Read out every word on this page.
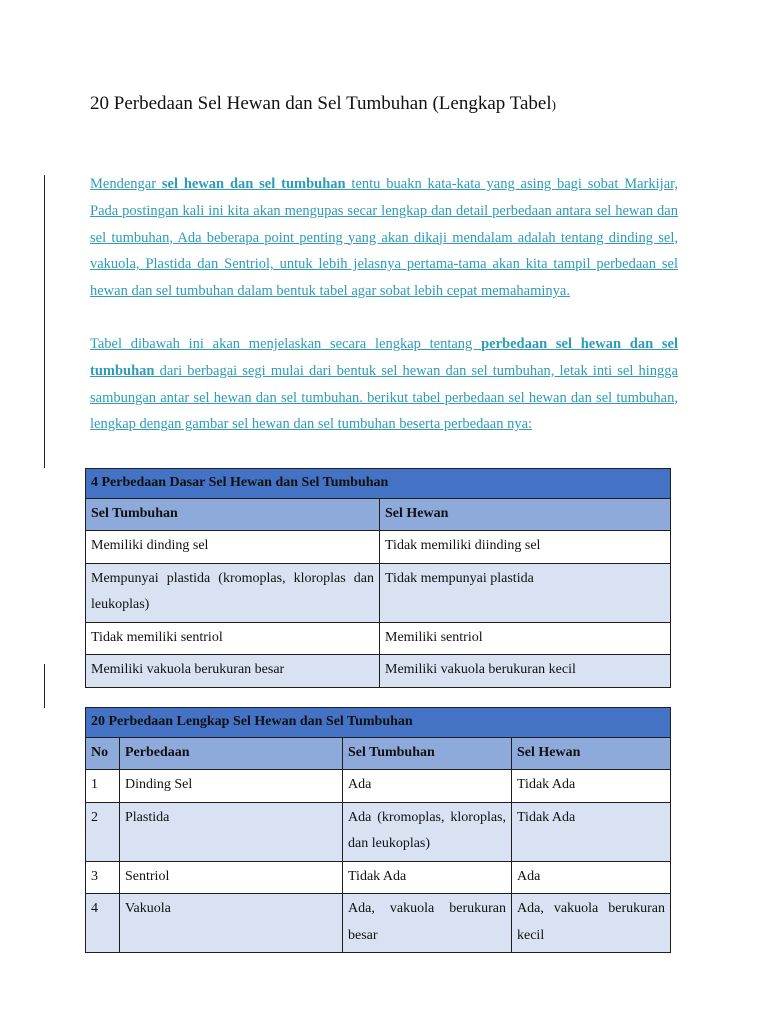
20 Perbedaan Sel Hewan dan Sel Tumbuhan (Lengkap Tabel)

Mendengar sel hewan dan sel tumbuhan tentu buakn kata-kata yang asing bagi sobat Markijar, Pada postingan kali ini kita akan mengupas secar lengkap dan detail perbedaan antara sel hewan dan sel tumbuhan, Ada beberapa point penting yang akan dikaji mendalam adalah tentang dinding sel, vakuola, Plastida dan Sentriol, untuk lebih jelasnya pertama-tama akan kita tampil perbedaan sel hewan dan sel tumbuhan dalam bentuk tabel agar sobat lebih cepat memahaminya.

Tabel dibawah ini akan menjelaskan secara lengkap tentang perbedaan sel hewan dan sel tumbuhan dari berbagai segi mulai dari bentuk sel hewan dan sel tumbuhan, letak inti sel hingga sambungan antar sel hewan dan sel tumbuhan. berikut tabel perbedaan sel hewan dan sel tumbuhan, lengkap dengan gambar sel hewan dan sel tumbuhan beserta perbedaan nya:

4 Perbedaan Dasar Sel Hewan dan Sel Tumbuhan	
Sel Tumbuhan	Sel Hewan
Memiliki dinding sel	Tidak memiliki diinding sel
Mempunyai plastida (kromoplas, kloroplas dan leukoplas)	Tidak mempunyai plastida
Tidak memiliki sentriol	Memiliki sentriol
Memiliki vakuola berukuran besar	Memiliki vakuola berukuran kecil
20 Perbedaan Lengkap Sel Hewan dan Sel Tumbuhan			
No	Perbedaan	Sel Tumbuhan	Sel Hewan
1	Dinding Sel	Ada	Tidak Ada
2	Plastida	Ada (kromoplas, kloroplas, dan leukoplas)	Tidak Ada
3	Sentriol	Tidak Ada	Ada
4	Vakuola	Ada, vakuola berukuran besar	Ada, vakuola berukuran kecil
